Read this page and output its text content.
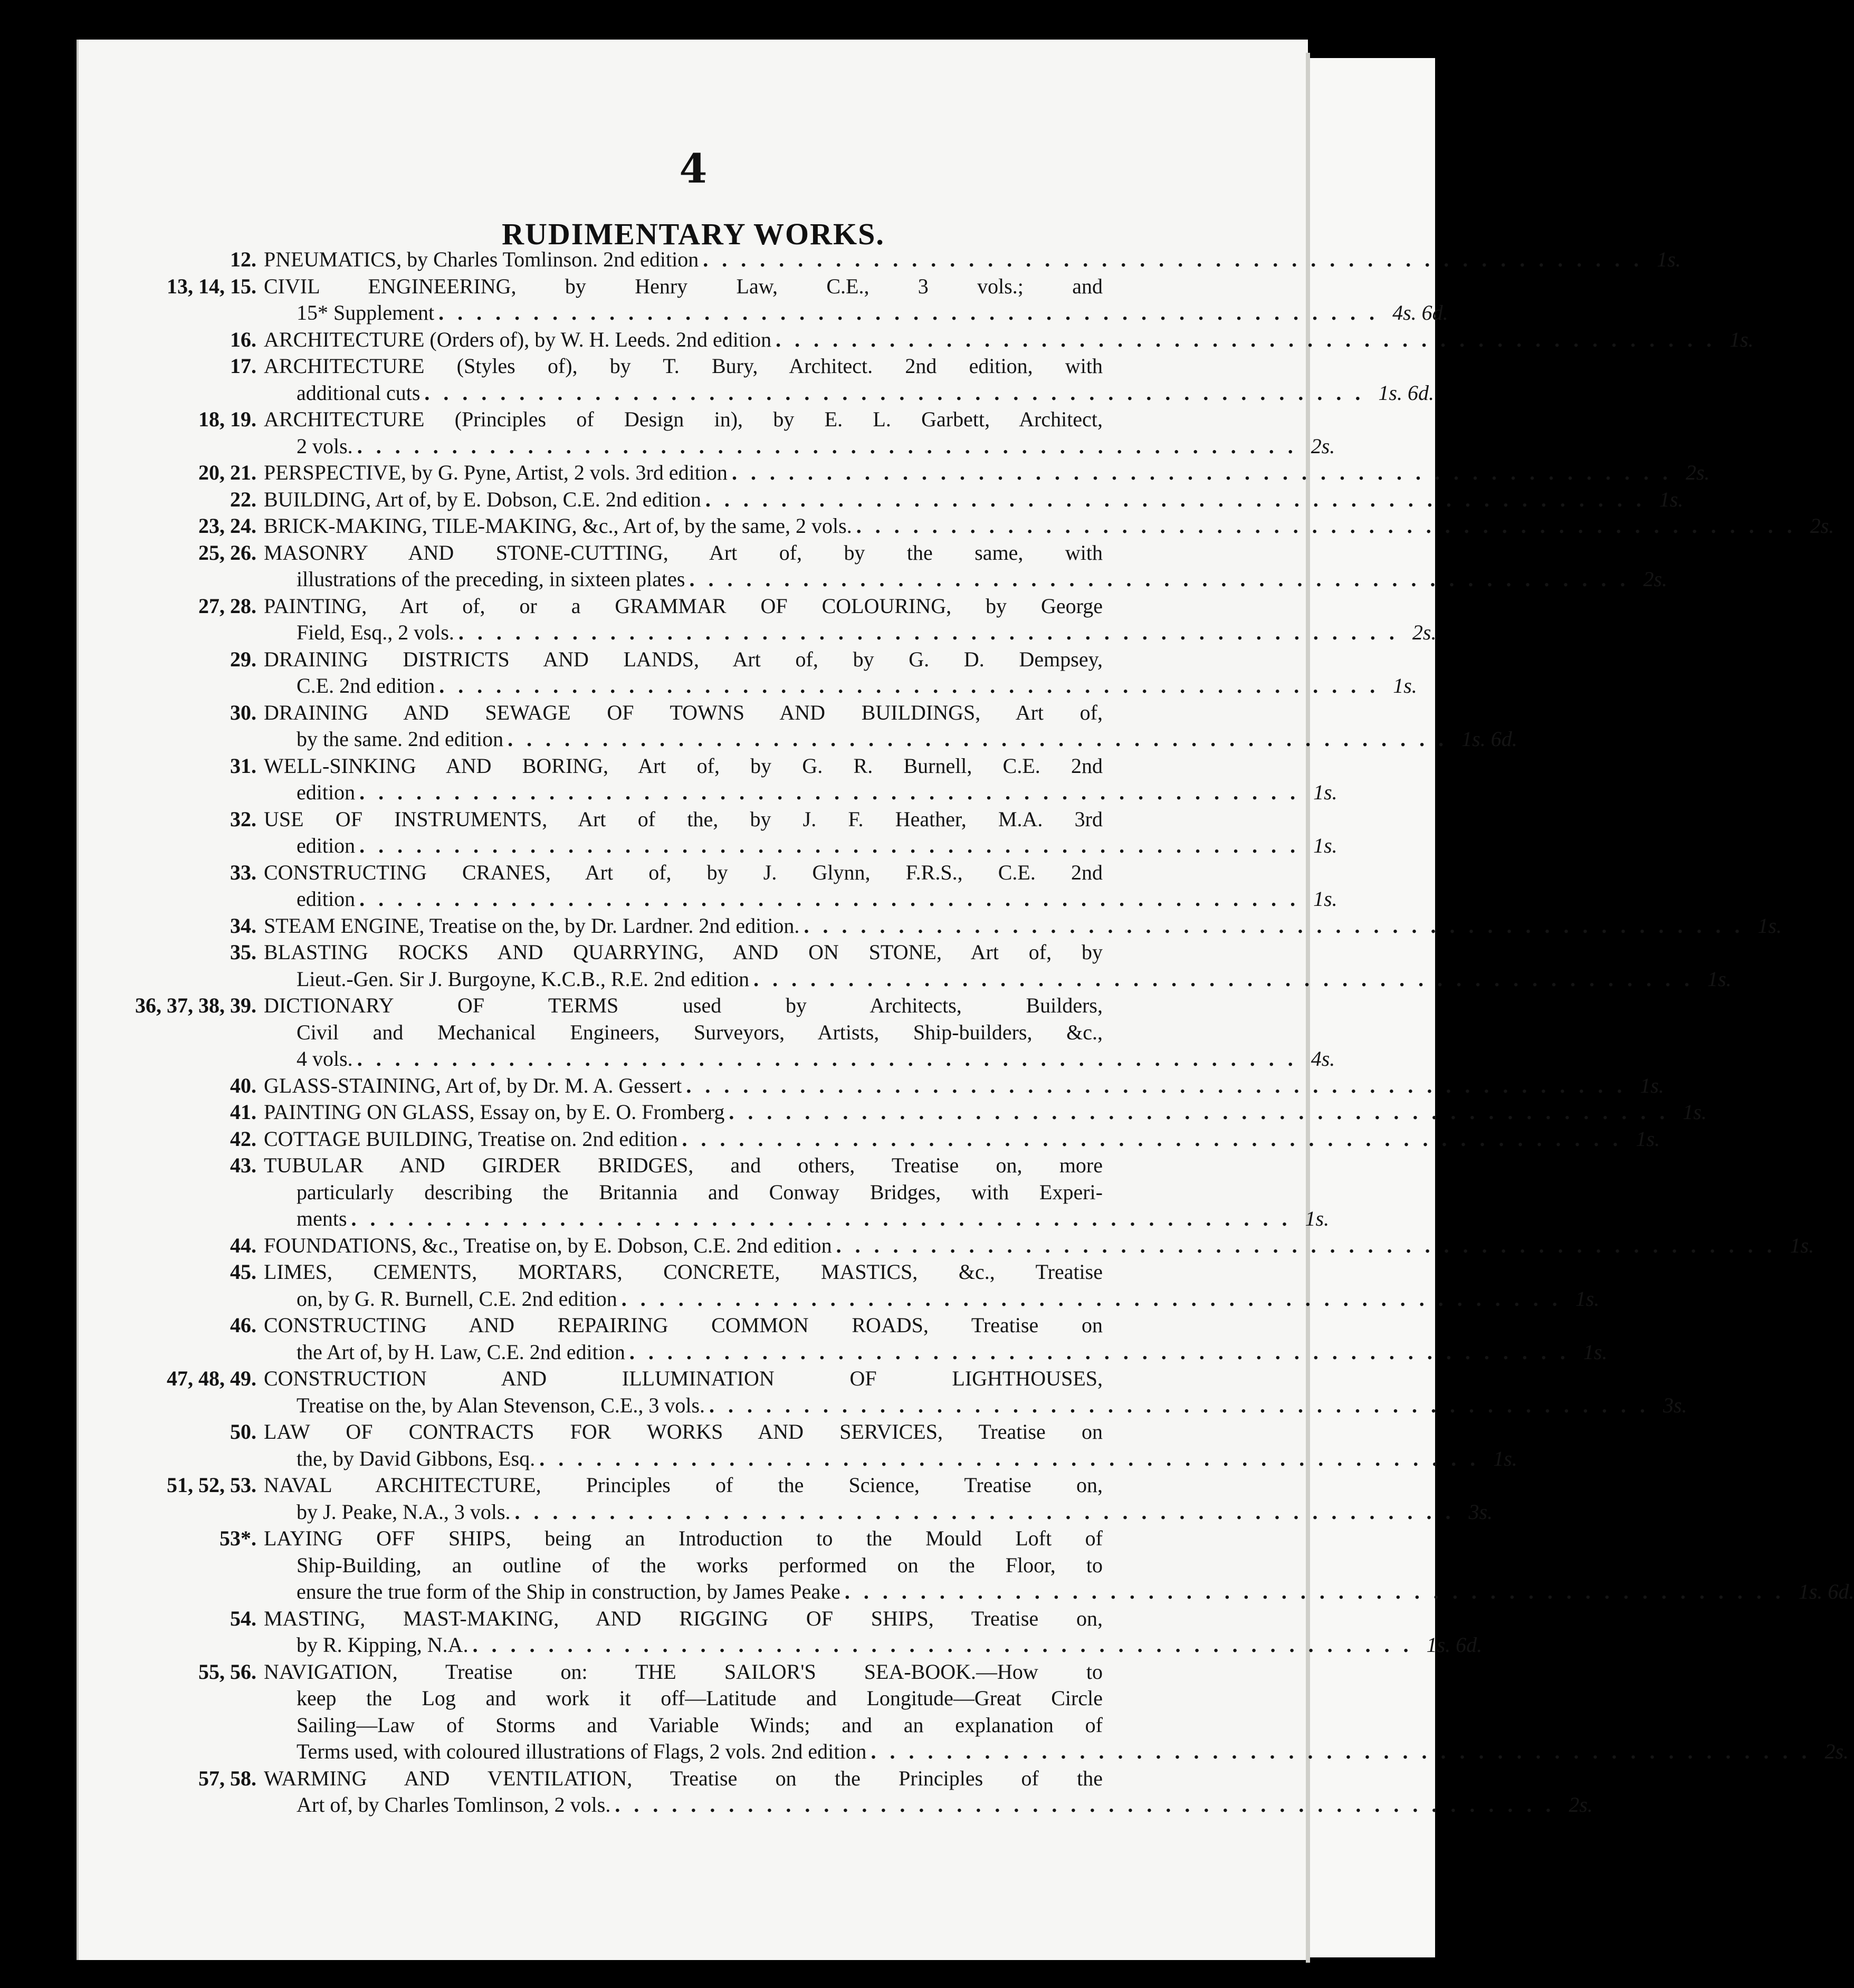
4
RUDIMENTARY WORKS.
12. PNEUMATICS, by Charles Tomlinson. 2nd edition .................................................. 1s.
13, 14, 15. CIVIL ENGINEERING, by Henry Law, C.E., 3 vols.; and
15* Supplement .................................................. 4s. 6d.
16. ARCHITECTURE (Orders of), by W. H. Leeds. 2nd edition .................................................. 1s.
17. ARCHITECTURE (Styles of), by T. Bury, Architect. 2nd edition, with
additional cuts .................................................. 1s. 6d.
18, 19. ARCHITECTURE (Principles of Design in), by E. L. Garbett, Architect,
2 vols. .................................................. 2s.
20, 21. PERSPECTIVE, by G. Pyne, Artist, 2 vols. 3rd edition .................................................. 2s.
22. BUILDING, Art of, by E. Dobson, C.E. 2nd edition .................................................. 1s.
23, 24. BRICK-MAKING, TILE-MAKING, &c., Art of, by the same, 2 vols. .................................................. 2s.
25, 26. MASONRY AND STONE-CUTTING, Art of, by the same, with
illustrations of the preceding, in sixteen plates .................................................. 2s.
27, 28. PAINTING, Art of, or a GRAMMAR OF COLOURING, by George
Field, Esq., 2 vols. .................................................. 2s.
29. DRAINING DISTRICTS AND LANDS, Art of, by G. D. Dempsey,
C.E. 2nd edition .................................................. 1s.
30. DRAINING AND SEWAGE OF TOWNS AND BUILDINGS, Art of,
by the same. 2nd edition .................................................. 1s. 6d.
31. WELL-SINKING AND BORING, Art of, by G. R. Burnell, C.E. 2nd
edition .................................................. 1s.
32. USE OF INSTRUMENTS, Art of the, by J. F. Heather, M.A. 3rd
edition .................................................. 1s.
33. CONSTRUCTING CRANES, Art of, by J. Glynn, F.R.S., C.E. 2nd
edition .................................................. 1s.
34. STEAM ENGINE, Treatise on the, by Dr. Lardner. 2nd edition. .................................................. 1s.
35. BLASTING ROCKS AND QUARRYING, AND ON STONE, Art of, by
Lieut.-Gen. Sir J. Burgoyne, K.C.B., R.E. 2nd edition .................................................. 1s.
36, 37, 38, 39. DICTIONARY OF TERMS used by Architects, Builders,
Civil and Mechanical Engineers, Surveyors, Artists, Ship-builders, &c.,
4 vols. .................................................. 4s.
40. GLASS-STAINING, Art of, by Dr. M. A. Gessert .................................................. 1s.
41. PAINTING ON GLASS, Essay on, by E. O. Fromberg .................................................. 1s.
42. COTTAGE BUILDING, Treatise on. 2nd edition .................................................. 1s.
43. TUBULAR AND GIRDER BRIDGES, and others, Treatise on, more
particularly describing the Britannia and Conway Bridges, with Experi-
ments .................................................. 1s.
44. FOUNDATIONS, &c., Treatise on, by E. Dobson, C.E. 2nd edition .................................................. 1s.
45. LIMES, CEMENTS, MORTARS, CONCRETE, MASTICS, &c., Treatise
on, by G. R. Burnell, C.E. 2nd edition .................................................. 1s.
46. CONSTRUCTING AND REPAIRING COMMON ROADS, Treatise on
the Art of, by H. Law, C.E. 2nd edition .................................................. 1s.
47, 48, 49. CONSTRUCTION AND ILLUMINATION OF LIGHTHOUSES,
Treatise on the, by Alan Stevenson, C.E., 3 vols. .................................................. 3s.
50. LAW OF CONTRACTS FOR WORKS AND SERVICES, Treatise on
the, by David Gibbons, Esq. .................................................. 1s.
51, 52, 53. NAVAL ARCHITECTURE, Principles of the Science, Treatise on,
by J. Peake, N.A., 3 vols. .................................................. 3s.
53*. LAYING OFF SHIPS, being an Introduction to the Mould Loft of
Ship-Building, an outline of the works performed on the Floor, to
ensure the true form of the Ship in construction, by James Peake .................................................. 1s. 6d.
54. MASTING, MAST-MAKING, AND RIGGING OF SHIPS, Treatise on,
by R. Kipping, N.A. .................................................. 1s. 6d.
55, 56. NAVIGATION, Treatise on: THE SAILOR'S SEA-BOOK.—How to
keep the Log and work it off—Latitude and Longitude—Great Circle
Sailing—Law of Storms and Variable Winds; and an explanation of
Terms used, with coloured illustrations of Flags, 2 vols. 2nd edition .................................................. 2s.
57, 58. WARMING AND VENTILATION, Treatise on the Principles of the
Art of, by Charles Tomlinson, 2 vols. .................................................. 2s.
